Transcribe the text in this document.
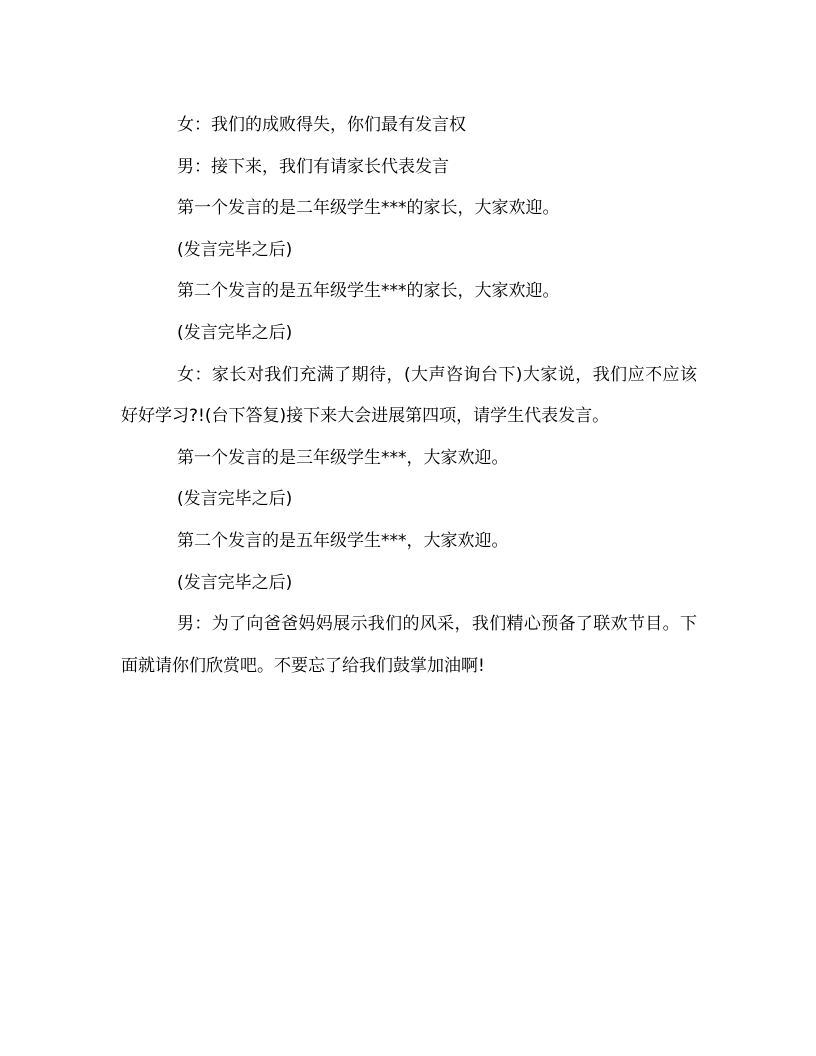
女：我们的成败得失，你们最有发言权

男：接下来，我们有请家长代表发言

第一个发言的是二年级学生***的家长，大家欢迎。

(发言完毕之后)

第二个发言的是五年级学生***的家长，大家欢迎。

(发言完毕之后)

女：家长对我们充满了期待，(大声咨询台下)大家说，我们应不应该好好学习?!(台下答复)接下来大会进展第四项，请学生代表发言。

第一个发言的是三年级学生***，大家欢迎。

(发言完毕之后)

第二个发言的是五年级学生***，大家欢迎。

(发言完毕之后)

男：为了向爸爸妈妈展示我们的风采，我们精心预备了联欢节目。下面就请你们欣赏吧。不要忘了给我们鼓掌加油啊!
